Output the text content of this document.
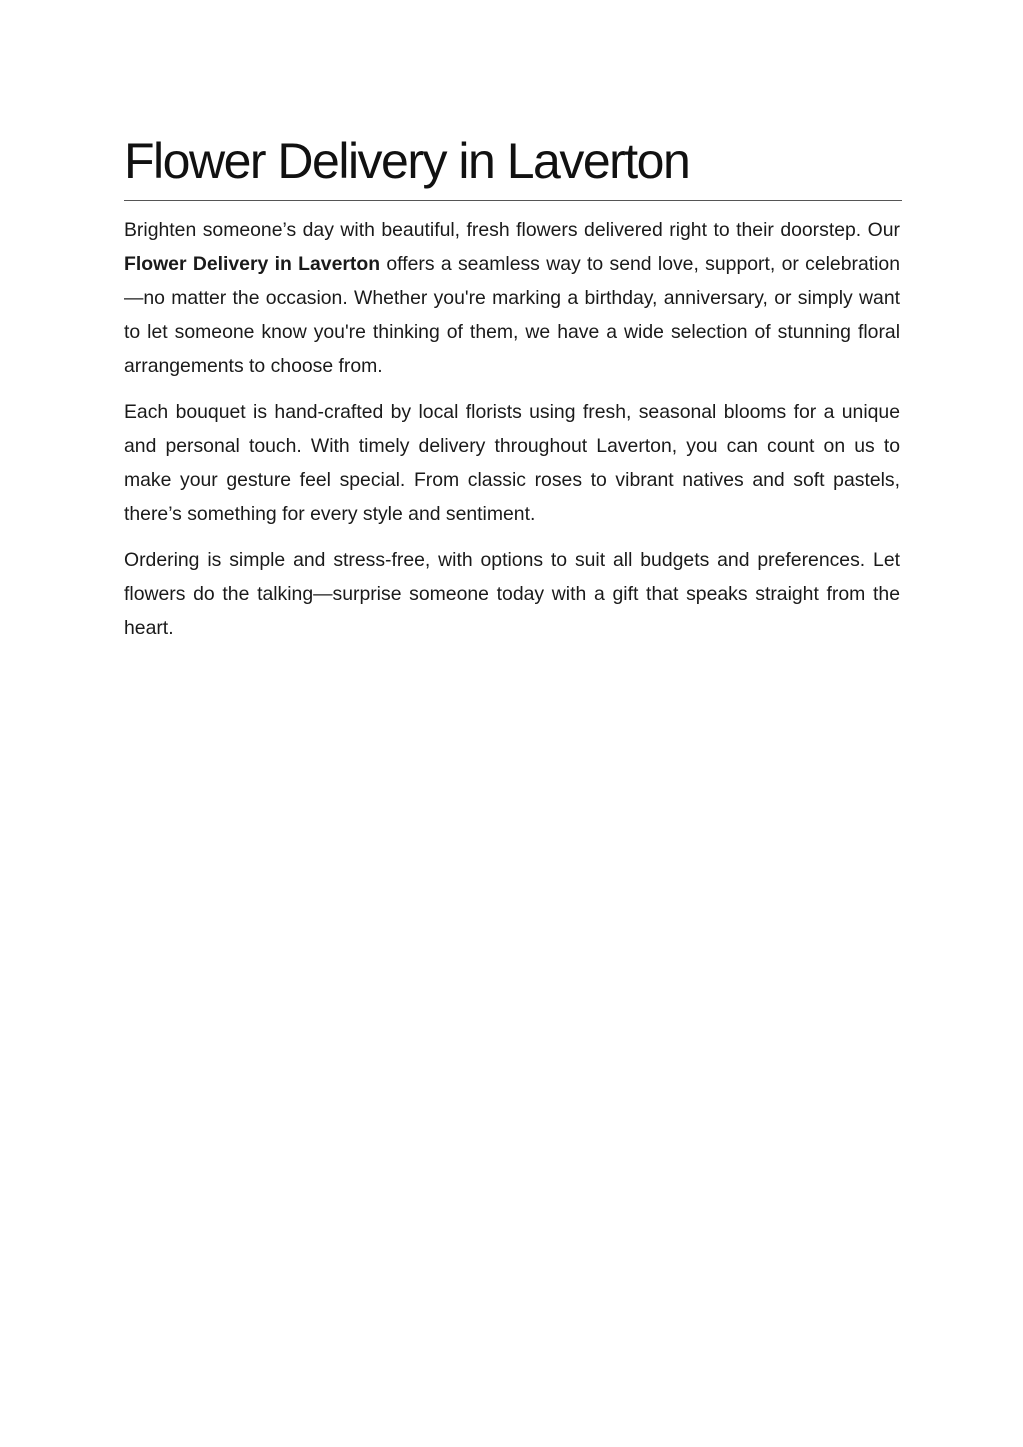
Flower Delivery in Laverton

Brighten someone’s day with beautiful, fresh flowers delivered right to their doorstep. Our Flower Delivery in Laverton offers a seamless way to send love, support, or celebration—no matter the occasion. Whether you're marking a birthday, anniversary, or simply want to let someone know you're thinking of them, we have a wide selection of stunning floral arrangements to choose from.

Each bouquet is hand-crafted by local florists using fresh, seasonal blooms for a unique and personal touch. With timely delivery throughout Laverton, you can count on us to make your gesture feel special. From classic roses to vibrant natives and soft pastels, there’s something for every style and sentiment.

Ordering is simple and stress-free, with options to suit all budgets and preferences. Let flowers do the talking—surprise someone today with a gift that speaks straight from the heart.
